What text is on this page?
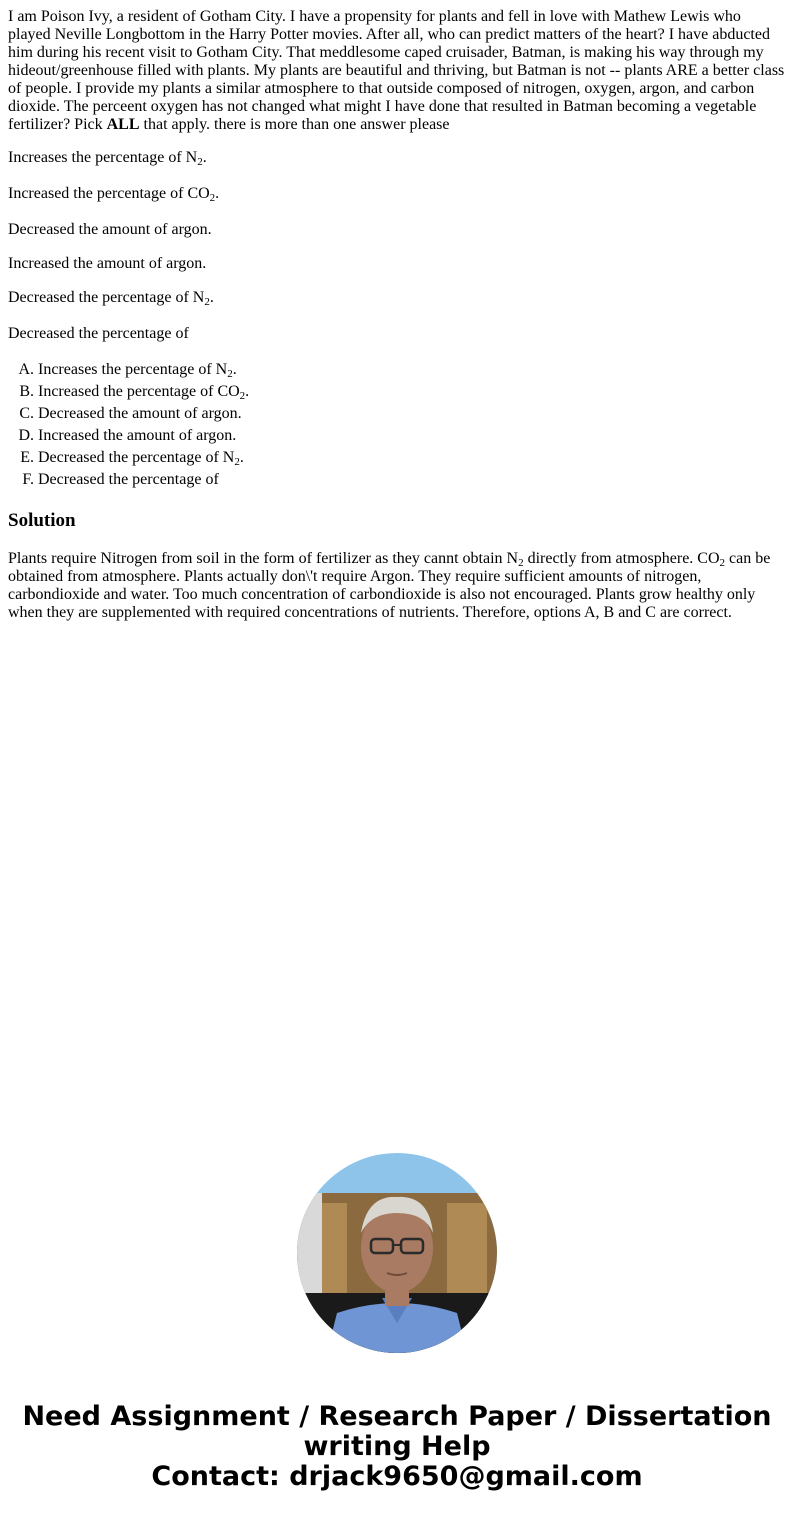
I am Poison Ivy, a resident of Gotham City. I have a propensity for plants and fell in love with Mathew Lewis who played Neville Longbottom in the Harry Potter movies. After all, who can predict matters of the heart? I have abducted him during his recent visit to Gotham City. That meddlesome caped cruisader, Batman, is making his way through my hideout/greenhouse filled with plants. My plants are beautiful and thriving, but Batman is not -- plants ARE a better class of people. I provide my plants a similar atmosphere to that outside composed of nitrogen, oxygen, argon, and carbon dioxide. The perceent oxygen has not changed what might I have done that resulted in Batman becoming a vegetable fertilizer? Pick ALL that apply. there is more than one answer please

Increases the percentage of $N_2$.

Increased the percentage of $CO_2$.

Decreased the amount of argon.

Increased the amount of argon.

Decreased the percentage of $N_2$.

Decreased the percentage of

A. Increases the percentage of $N_2$.
B. Increased the percentage of $CO_2$.
C. Decreased the amount of argon.
D. Increased the amount of argon.
E. Decreased the percentage of $N_2$.
F. Decreased the percentage of
Solution

Plants require Nitrogen from soil in the form of fertilizer as they cannt obtain $N_2$ directly from atmosphere. $CO_2$ can be obtained from atmosphere. Plants actually don\'t require Argon. They require sufficient amounts of nitrogen, carbondioxide and water. Too much concentration of carbondioxide is also not encouraged. Plants grow healthy only when they are supplemented with required concentrations of nutrients. Therefore, options A, B and C are correct.

Need Assignment / Research Paper / Dissertation
writing Help
Contact: drjack9650@gmail.com
